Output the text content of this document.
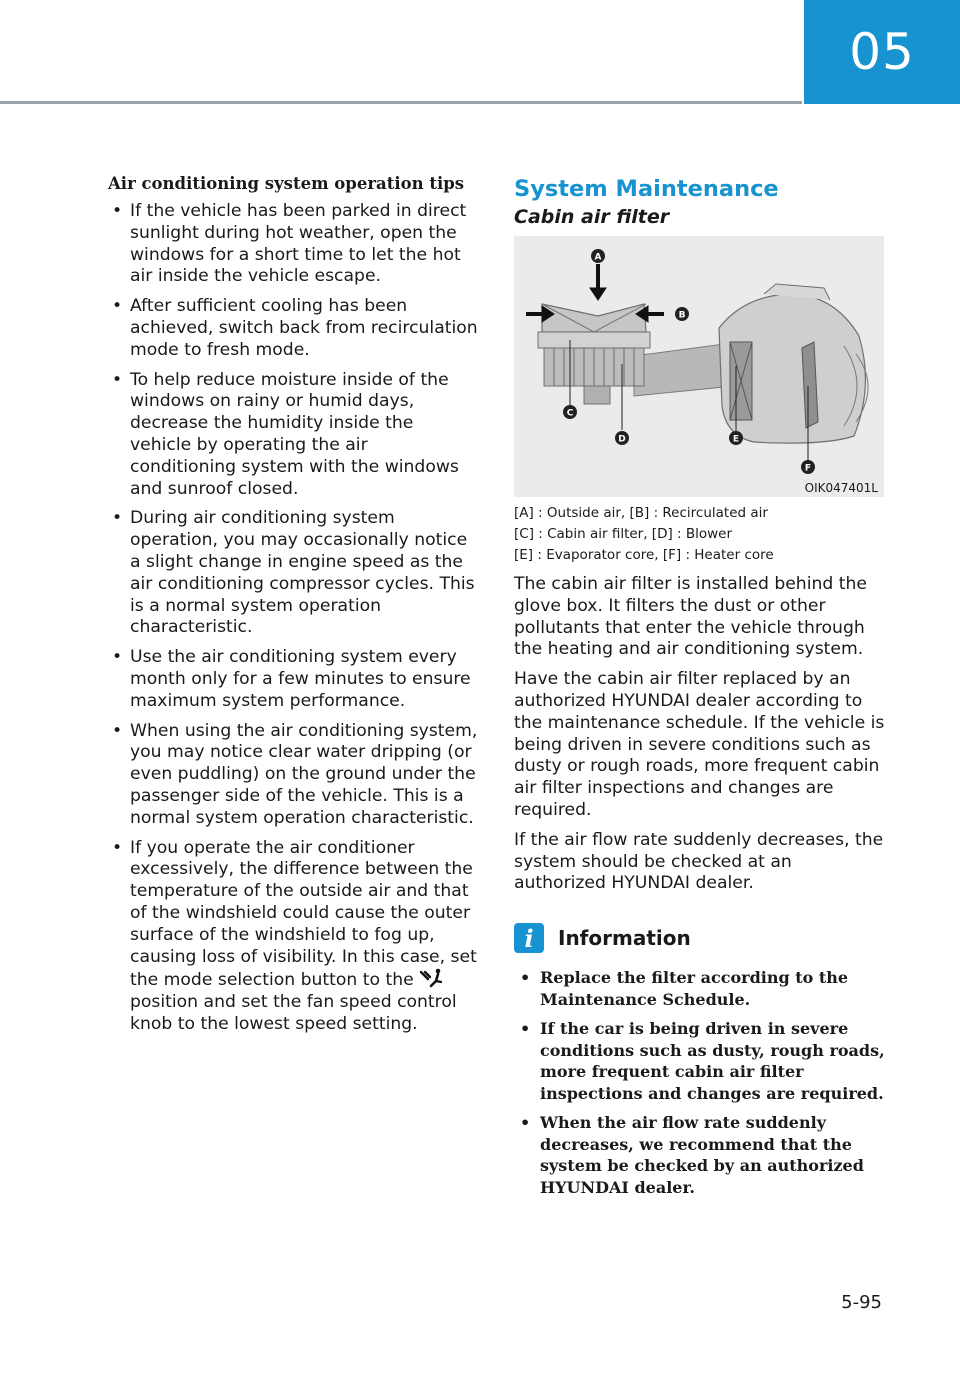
05
Air conditioning system operation tips
• If the vehicle has been parked in direct sunlight during hot weather, open the windows for a short time to let the hot air inside the vehicle escape.
• After sufficient cooling has been achieved, switch back from recirculation mode to fresh mode.
• To help reduce moisture inside of the windows on rainy or humid days, decrease the humidity inside the vehicle by operating the air conditioning system with the windows and sunroof closed.
• During air conditioning system operation, you may occasionally notice a slight change in engine speed as the air conditioning compressor cycles. This is a normal system operation characteristic.
• Use the air conditioning system every month only for a few minutes to ensure maximum system performance.
• When using the air conditioning system, you may notice clear water dripping (or even puddling) on the ground under the passenger side of the vehicle. This is a normal system operation characteristic.
• If you operate the air conditioner excessively, the difference between the temperature of the outside air and that of the windshield could cause the outer surface of the windshield to fog up, causing loss of visibility. In this case, set the mode selection button to the  position and set the fan speed control knob to the lowest speed setting.
System Maintenance
Cabin air filter
A
B
C
D	E
F
OIK047401L
[A] : Outside air, [B] : Recirculated air
[C] : Cabin air filter, [D] : Blower
[E] : Evaporator core, [F] : Heater core

The cabin air filter is installed behind the glove box. It filters the dust or other pollutants that enter the vehicle through the heating and air conditioning system.

Have the cabin air filter replaced by an authorized HYUNDAI dealer according to the maintenance schedule. If the vehicle is being driven in severe conditions such as dusty or rough roads, more frequent cabin air filter inspections and changes are required.

If the air flow rate suddenly decreases, the system should be checked at an authorized HYUNDAI dealer.

i	Information
• Replace the filter according to the Maintenance Schedule.
• If the car is being driven in severe conditions such as dusty, rough roads, more frequent cabin air filter inspections and changes are required.
• When the air flow rate suddenly decreases, we recommend that the system be checked by an authorized HYUNDAI dealer.
5-95
